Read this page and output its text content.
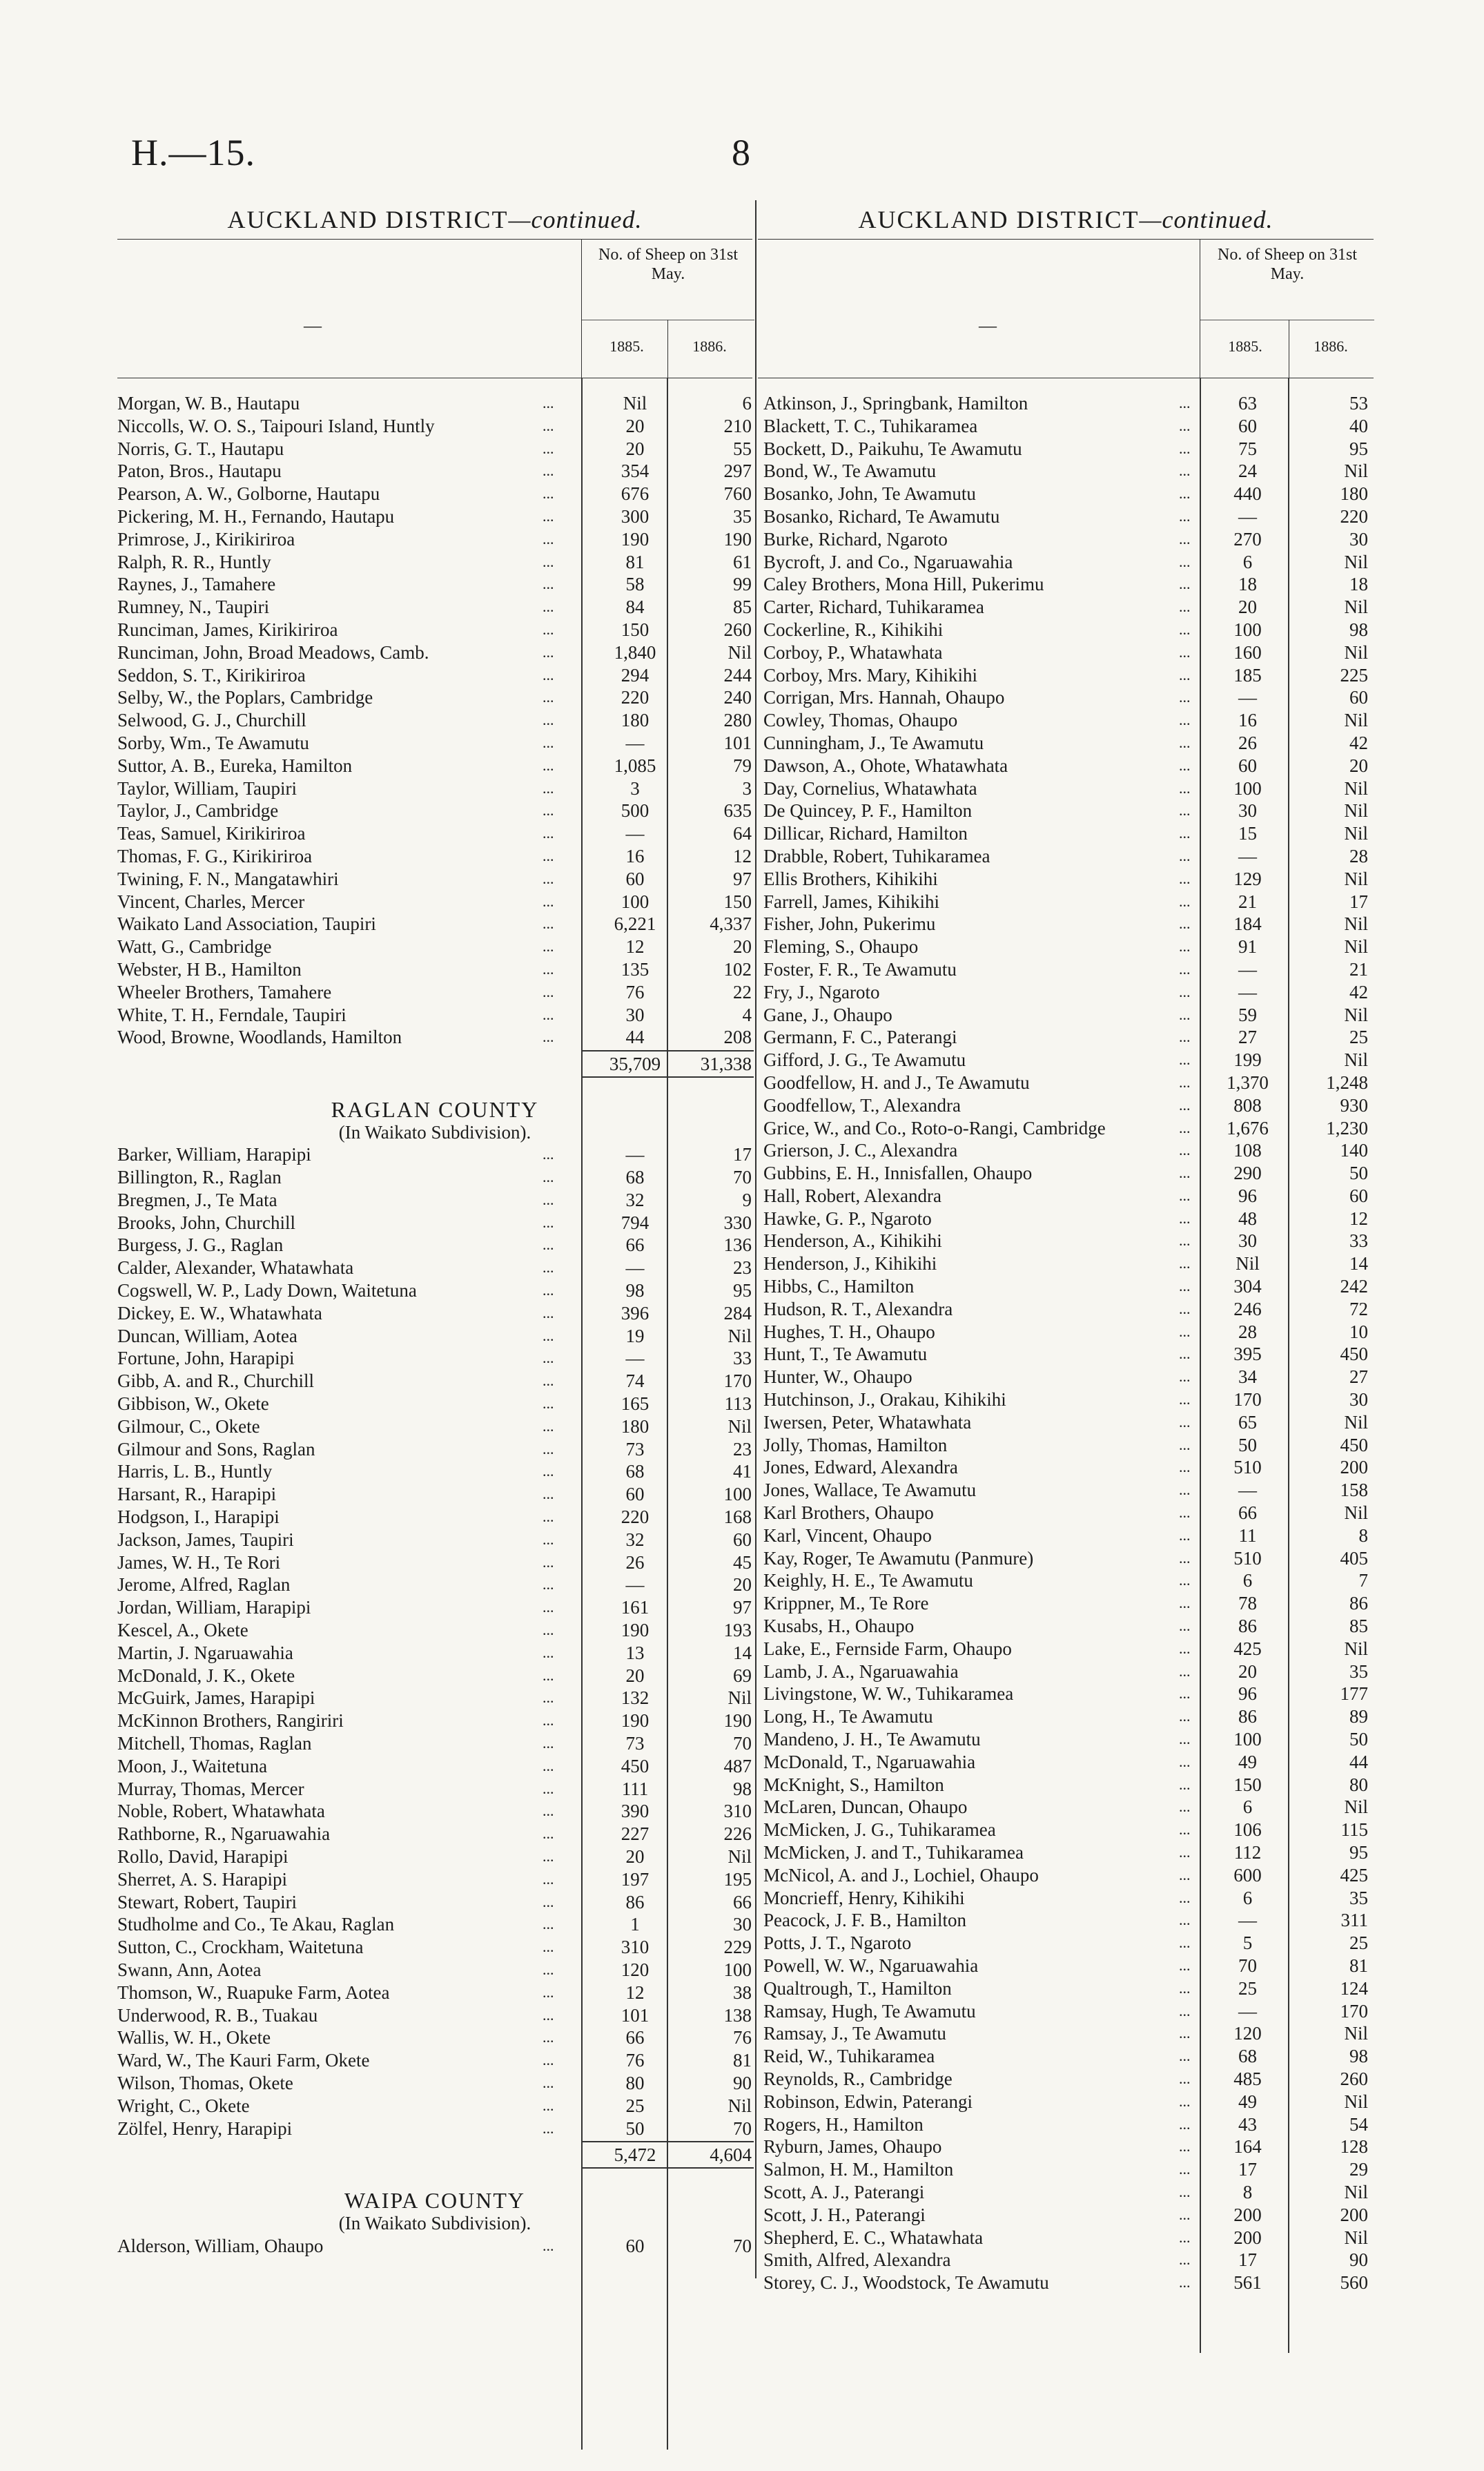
H.—15.	8
AUCKLAND DISTRICT—continued.
—
No. of Sheep on 31st May.
1885.	1886.
Morgan, W. B., Hautapu	...	Nil	6
Niccolls, W. O. S., Taipouri Island, Huntly	...	20	210
Norris, G. T., Hautapu	...	20	55
Paton, Bros., Hautapu	...	354	297
Pearson, A. W., Golborne, Hautapu	...	676	760
Pickering, M. H., Fernando, Hautapu	...	300	35
Primrose, J., Kirikiriroa	...	190	190
Ralph, R. R., Huntly	...	81	61
Raynes, J., Tamahere	...	58	99
Rumney, N., Taupiri	...	84	85
Runciman, James, Kirikiriroa	...	150	260
Runciman, John, Broad Meadows, Camb.	...	1,840	Nil
Seddon, S. T., Kirikiriroa	...	294	244
Selby, W., the Poplars, Cambridge	...	220	240
Selwood, G. J., Churchill	...	180	280
Sorby, Wm., Te Awamutu	...	—	101
Suttor, A. B., Eureka, Hamilton	...	1,085	79
Taylor, William, Taupiri	...	3	3
Taylor, J., Cambridge	...	500	635
Teas, Samuel, Kirikiriroa	...	—	64
Thomas, F. G., Kirikiriroa	...	16	12
Twining, F. N., Mangatawhiri	...	60	97
Vincent, Charles, Mercer	...	100	150
Waikato Land Association, Taupiri	...	6,221	4,337
Watt, G., Cambridge	...	12	20
Webster, H B., Hamilton	...	135	102
Wheeler Brothers, Tamahere	...	76	22
White, T. H., Ferndale, Taupiri	...	30	4
Wood, Browne, Woodlands, Hamilton	...	44	208
35,709	31,338
RAGLAN COUNTY
(In Waikato Subdivision).
Barker, William, Harapipi	...	—	17
Billington, R., Raglan	...	68	70
Bregmen, J., Te Mata	...	32	9
Brooks, John, Churchill	...	794	330
Burgess, J. G., Raglan	...	66	136
Calder, Alexander, Whatawhata	...	—	23
Cogswell, W. P., Lady Down, Waitetuna	...	98	95
Dickey, E. W., Whatawhata	...	396	284
Duncan, William, Aotea	...	19	Nil
Fortune, John, Harapipi	...	—	33
Gibb, A. and R., Churchill	...	74	170
Gibbison, W., Okete	...	165	113
Gilmour, C., Okete	...	180	Nil
Gilmour and Sons, Raglan	...	73	23
Harris, L. B., Huntly	...	68	41
Harsant, R., Harapipi	...	60	100
Hodgson, I., Harapipi	...	220	168
Jackson, James, Taupiri	...	32	60
James, W. H., Te Rori	...	26	45
Jerome, Alfred, Raglan	...	—	20
Jordan, William, Harapipi	...	161	97
Kescel, A., Okete	...	190	193
Martin, J. Ngaruawahia	...	13	14
McDonald, J. K., Okete	...	20	69
McGuirk, James, Harapipi	...	132	Nil
McKinnon Brothers, Rangiriri	...	190	190
Mitchell, Thomas, Raglan	...	73	70
Moon, J., Waitetuna	...	450	487
Murray, Thomas, Mercer	...	111	98
Noble, Robert, Whatawhata	...	390	310
Rathborne, R., Ngaruawahia	...	227	226
Rollo, David, Harapipi	...	20	Nil
Sherret, A. S. Harapipi	...	197	195
Stewart, Robert, Taupiri	...	86	66
Studholme and Co., Te Akau, Raglan	...	1	30
Sutton, C., Crockham, Waitetuna	...	310	229
Swann, Ann, Aotea	...	120	100
Thomson, W., Ruapuke Farm, Aotea	...	12	38
Underwood, R. B., Tuakau	...	101	138
Wallis, W. H., Okete	...	66	76
Ward, W., The Kauri Farm, Okete	...	76	81
Wilson, Thomas, Okete	...	80	90
Wright, C., Okete	...	25	Nil
Zölfel, Henry, Harapipi	...	50	70
5,472	4,604
WAIPA COUNTY
(In Waikato Subdivision).
Alderson, William, Ohaupo	...	60	70
AUCKLAND DISTRICT—continued.
—
No. of Sheep on 31st May.
1885.	1886.
Atkinson, J., Springbank, Hamilton	...	63	53
Blackett, T. C., Tuhikaramea	...	60	40
Bockett, D., Paikuhu, Te Awamutu	...	75	95
Bond, W., Te Awamutu	...	24	Nil
Bosanko, John, Te Awamutu	...	440	180
Bosanko, Richard, Te Awamutu	...	—	220
Burke, Richard, Ngaroto	...	270	30
Bycroft, J. and Co., Ngaruawahia	...	6	Nil
Caley Brothers, Mona Hill, Pukerimu	...	18	18
Carter, Richard, Tuhikaramea	...	20	Nil
Cockerline, R., Kihikihi	...	100	98
Corboy, P., Whatawhata	...	160	Nil
Corboy, Mrs. Mary, Kihikihi	...	185	225
Corrigan, Mrs. Hannah, Ohaupo	...	—	60
Cowley, Thomas, Ohaupo	...	16	Nil
Cunningham, J., Te Awamutu	...	26	42
Dawson, A., Ohote, Whatawhata	...	60	20
Day, Cornelius, Whatawhata	...	100	Nil
De Quincey, P. F., Hamilton	...	30	Nil
Dillicar, Richard, Hamilton	...	15	Nil
Drabble, Robert, Tuhikaramea	...	—	28
Ellis Brothers, Kihikihi	...	129	Nil
Farrell, James, Kihikihi	...	21	17
Fisher, John, Pukerimu	...	184	Nil
Fleming, S., Ohaupo	...	91	Nil
Foster, F. R., Te Awamutu	...	—	21
Fry, J., Ngaroto	...	—	42
Gane, J., Ohaupo	...	59	Nil
Germann, F. C., Paterangi	...	27	25
Gifford, J. G., Te Awamutu	...	199	Nil
Goodfellow, H. and J., Te Awamutu	...	1,370	1,248
Goodfellow, T., Alexandra	...	808	930
Grice, W., and Co., Roto-o-Rangi, Cambridge	...	1,676	1,230
Grierson, J. C., Alexandra	...	108	140
Gubbins, E. H., Innisfallen, Ohaupo	...	290	50
Hall, Robert, Alexandra	...	96	60
Hawke, G. P., Ngaroto	...	48	12
Henderson, A., Kihikihi	...	30	33
Henderson, J., Kihikihi	...	Nil	14
Hibbs, C., Hamilton	...	304	242
Hudson, R. T., Alexandra	...	246	72
Hughes, T. H., Ohaupo	...	28	10
Hunt, T., Te Awamutu	...	395	450
Hunter, W., Ohaupo	...	34	27
Hutchinson, J., Orakau, Kihikihi	...	170	30
Iwersen, Peter, Whatawhata	...	65	Nil
Jolly, Thomas, Hamilton	...	50	450
Jones, Edward, Alexandra	...	510	200
Jones, Wallace, Te Awamutu	...	—	158
Karl Brothers, Ohaupo	...	66	Nil
Karl, Vincent, Ohaupo	...	11	8
Kay, Roger, Te Awamutu (Panmure)	...	510	405
Keighly, H. E., Te Awamutu	...	6	7
Krippner, M., Te Rore	...	78	86
Kusabs, H., Ohaupo	...	86	85
Lake, E., Fernside Farm, Ohaupo	...	425	Nil
Lamb, J. A., Ngaruawahia	...	20	35
Livingstone, W. W., Tuhikaramea	...	96	177
Long, H., Te Awamutu	...	86	89
Mandeno, J. H., Te Awamutu	...	100	50
McDonald, T., Ngaruawahia	...	49	44
McKnight, S., Hamilton	...	150	80
McLaren, Duncan, Ohaupo	...	6	Nil
McMicken, J. G., Tuhikaramea	...	106	115
McMicken, J. and T., Tuhikaramea	...	112	95
McNicol, A. and J., Lochiel, Ohaupo	...	600	425
Moncrieff, Henry, Kihikihi	...	6	35
Peacock, J. F. B., Hamilton	...	—	311
Potts, J. T., Ngaroto	...	5	25
Powell, W. W., Ngaruawahia	...	70	81
Qualtrough, T., Hamilton	...	25	124
Ramsay, Hugh, Te Awamutu	...	—	170
Ramsay, J., Te Awamutu	...	120	Nil
Reid, W., Tuhikaramea	...	68	98
Reynolds, R., Cambridge	...	485	260
Robinson, Edwin, Paterangi	...	49	Nil
Rogers, H., Hamilton	...	43	54
Ryburn, James, Ohaupo	...	164	128
Salmon, H. M., Hamilton	...	17	29
Scott, A. J., Paterangi	...	8	Nil
Scott, J. H., Paterangi	...	200	200
Shepherd, E. C., Whatawhata	...	200	Nil
Smith, Alfred, Alexandra	...	17	90
Storey, C. J., Woodstock, Te Awamutu	...	561	560
